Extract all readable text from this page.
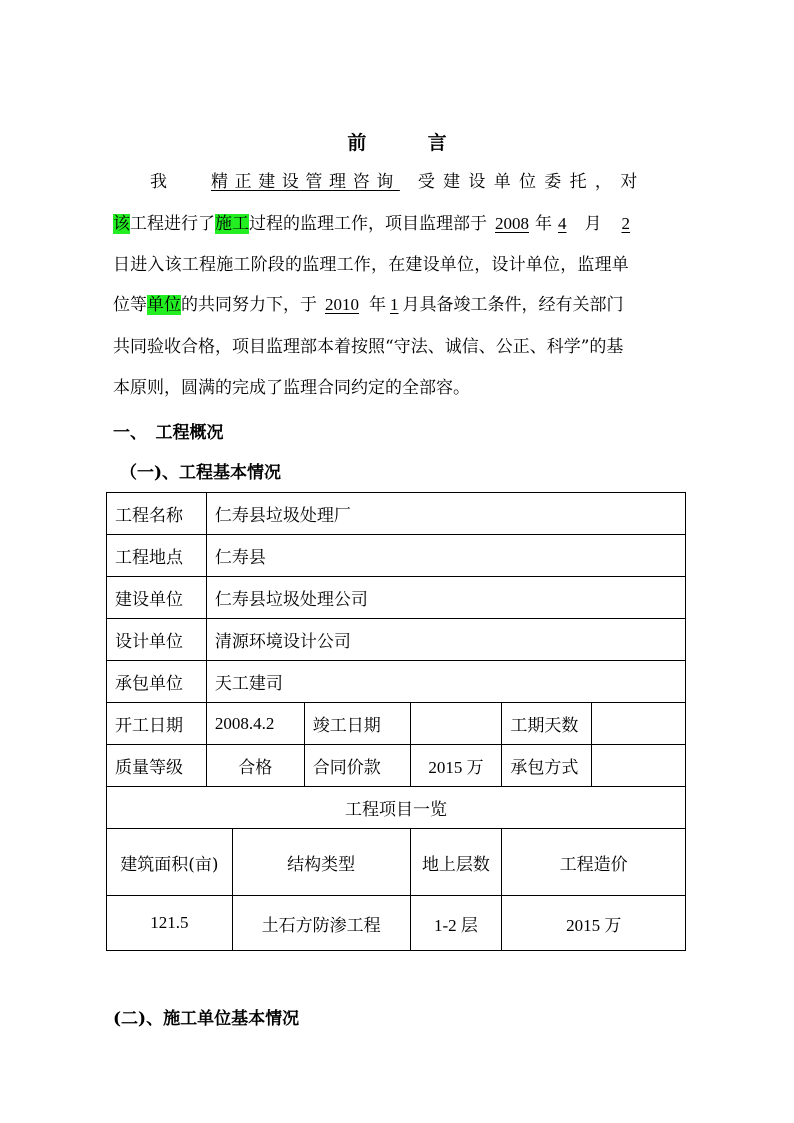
前	言
我	精正建设管理咨询 受建设单位委托，对
该工程进行了施工过程的监理工作，项目监理部于 2008 年 4 月 2
日进入该工程施工阶段的监理工作，在建设单位，设计单位，监理单
位等单位的共同努力下，于 2010 年 1 月具备竣工条件，经有关部门
共同验收合格，项目监理部本着按照“守法、诚信、公正、科学”的基
本原则，圆满的完成了监理合同约定的全部容。
一、　工程概况
（一)、工程基本情况
工程名称	仁寿县垃圾处理厂					
工程地点	仁寿县					
建设单位	仁寿县垃圾处理公司					
设计单位	清源环境设计公司					
承包单位	天工建司					
开工日期	2008.4.2		竣工日期		工期天数	
质量等级	合格		合同价款	2015 万	承包方式	
工程项目一览						
建筑面积(亩)		结构类型		地上层数	工程造价	
121.5		土石方防渗工程		1-2 层	2015 万	
(二)、施工单位基本情况
